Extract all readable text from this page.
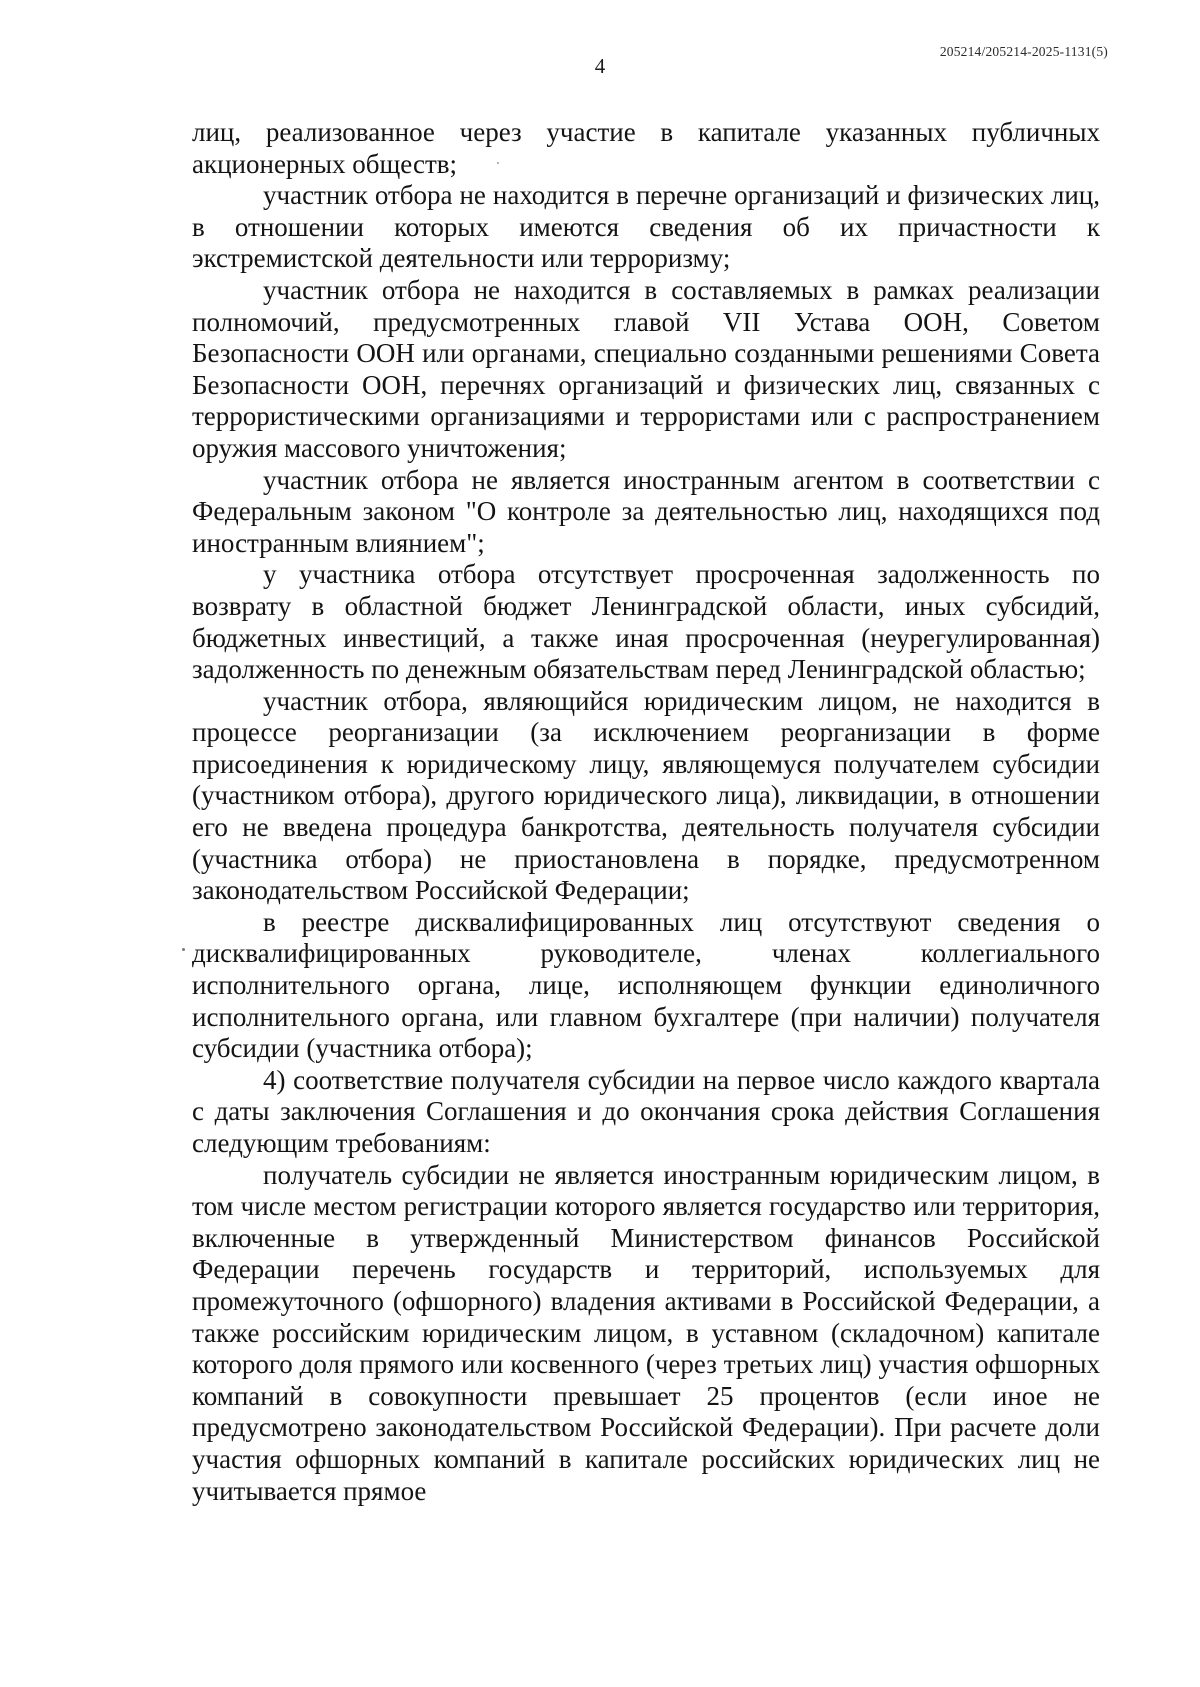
205214/205214-2025-1131(5)
4

лиц, реализованное через участие в капитале указанных публичных акционерных обществ;

участник отбора не находится в перечне организаций и физических лиц, в отношении которых имеются сведения об их причастности к экстремистской деятельности или терроризму;

участник отбора не находится в составляемых в рамках реализации полномочий, предусмотренных главой VII Устава ООН, Советом Безопасности ООН или органами, специально созданными решениями Совета Безопасности ООН, перечнях организаций и физических лиц, связанных с террористическими организациями и террористами или с распространением оружия массового уничтожения;

участник отбора не является иностранным агентом в соответствии с Федеральным законом "О контроле за деятельностью лиц, находящихся под иностранным влиянием";

у участника отбора отсутствует просроченная задолженность по возврату в областной бюджет Ленинградской области, иных субсидий, бюджетных инвестиций, а также иная просроченная (неурегулированная) задолженность по денежным обязательствам перед Ленинградской областью;

участник отбора, являющийся юридическим лицом, не находится в процессе реорганизации (за исключением реорганизации в форме присоединения к юридическому лицу, являющемуся получателем субсидии (участником отбора), другого юридического лица), ликвидации, в отношении его не введена процедура банкротства, деятельность получателя субсидии (участника отбора) не приостановлена в порядке, предусмотренном законодательством Российской Федерации;

в реестре дисквалифицированных лиц отсутствуют сведения о дисквалифицированных руководителе, членах коллегиального исполнительного органа, лице, исполняющем функции единоличного исполнительного органа, или главном бухгалтере (при наличии) получателя субсидии (участника отбора);

4) соответствие получателя субсидии на первое число каждого квартала с даты заключения Соглашения и до окончания срока действия Соглашения следующим требованиям:

получатель субсидии не является иностранным юридическим лицом, в том числе местом регистрации которого является государство или территория, включенные в утвержденный Министерством финансов Российской Федерации перечень государств и территорий, используемых для промежуточного (офшорного) владения активами в Российской Федерации, а также российским юридическим лицом, в уставном (складочном) капитале которого доля прямого или косвенного (через третьих лиц) участия офшорных компаний в совокупности превышает 25 процентов (если иное не предусмотрено законодательством Российской Федерации). При расчете доли участия офшорных компаний в капитале российских юридических лиц не учитывается прямое
